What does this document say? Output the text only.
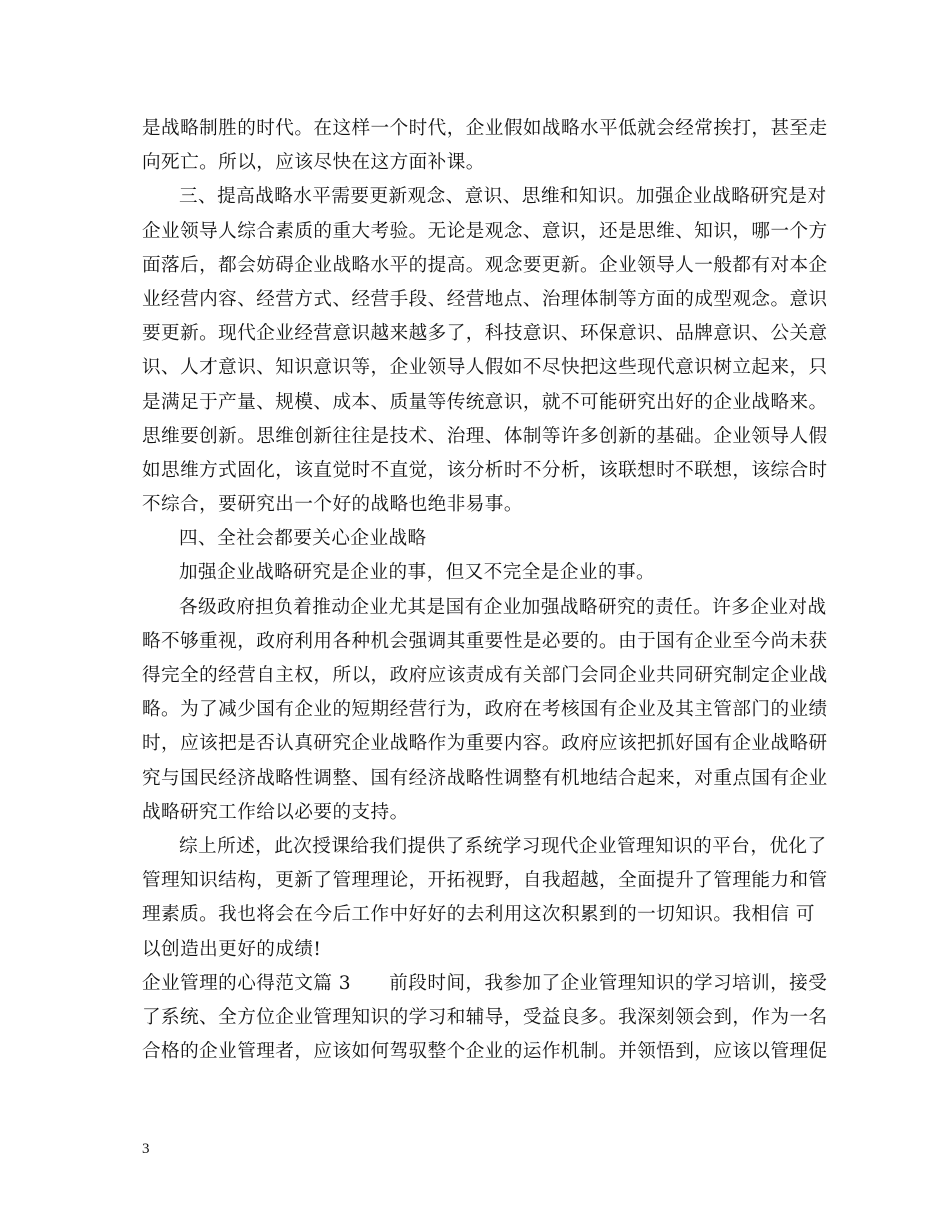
是战略制胜的时代。在这样一个时代，企业假如战略水平低就会经常挨打，甚至走
向死亡。所以，应该尽快在这方面补课。
三、提高战略水平需要更新观念、意识、思维和知识。加强企业战略研究是对
企业领导人综合素质的重大考验。无论是观念、意识，还是思维、知识，哪一个方
面落后，都会妨碍企业战略水平的提高。观念要更新。企业领导人一般都有对本企
业经营内容、经营方式、经营手段、经营地点、治理体制等方面的成型观念。意识
要更新。现代企业经营意识越来越多了，科技意识、环保意识、品牌意识、公关意
识、人才意识、知识意识等，企业领导人假如不尽快把这些现代意识树立起来，只
是满足于产量、规模、成本、质量等传统意识，就不可能研究出好的企业战略来。
思维要创新。思维创新往往是技术、治理、体制等许多创新的基础。企业领导人假
如思维方式固化，该直觉时不直觉，该分析时不分析，该联想时不联想，该综合时
不综合，要研究出一个好的战略也绝非易事。
四、全社会都要关心企业战略
加强企业战略研究是企业的事，但又不完全是企业的事。
各级政府担负着推动企业尤其是国有企业加强战略研究的责任。许多企业对战
略不够重视，政府利用各种机会强调其重要性是必要的。由于国有企业至今尚未获
得完全的经营自主权，所以，政府应该责成有关部门会同企业共同研究制定企业战
略。为了减少国有企业的短期经营行为，政府在考核国有企业及其主管部门的业绩
时，应该把是否认真研究企业战略作为重要内容。政府应该把抓好国有企业战略研
究与国民经济战略性调整、国有经济战略性调整有机地结合起来，对重点国有企业
战略研究工作给以必要的支持。
综上所述，此次授课给我们提供了系统学习现代企业管理知识的平台，优化了
管理知识结构，更新了管理理论，开拓视野，自我超越，全面提升了管理能力和管
理素质。我也将会在今后工作中好好的去利用这次积累到的一切知识。我相信 可
以创造出更好的成绩!
企业管理的心得范文篇 3      前段时间，我参加了企业管理知识的学习培训，接受
了系统、全方位企业管理知识的学习和辅导，受益良多。我深刻领会到，作为一名
合格的企业管理者，应该如何驾驭整个企业的运作机制。并领悟到，应该以管理促
3
